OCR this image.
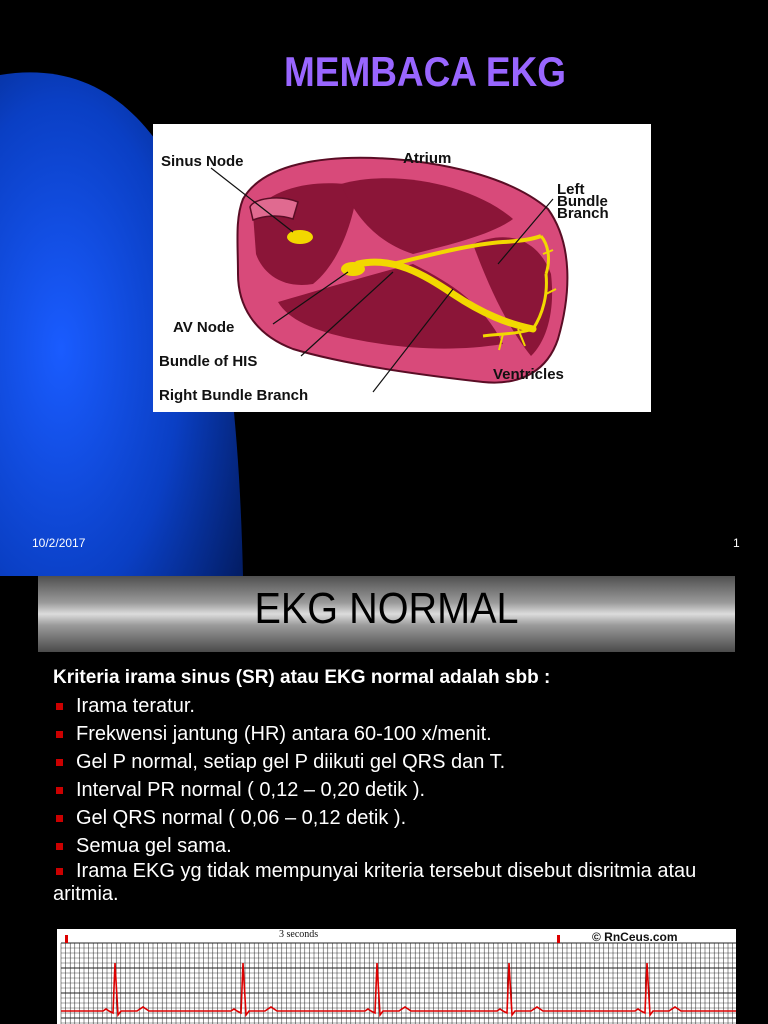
MEMBACA EKG
Sinus Node	Atrium
Left
Bundle
Branch
AV Node
Bundle of HIS
Right Bundle Branch
Ventricles
10/2/2017	1
EKG NORMAL
Kriteria irama sinus (SR) atau EKG normal adalah sbb :
Irama teratur.
Frekwensi jantung (HR) antara 60-100 x/menit.
Gel P normal, setiap gel P diikuti gel QRS dan T.
Interval PR normal ( 0,12 – 0,20 detik ).
Gel QRS normal ( 0,06 – 0,12 detik ).
Semua gel sama.
Irama EKG yg tidak mempunyai kriteria tersebut disebut disritmia atau aritmia.
3 seconds	© RnCeus.com
